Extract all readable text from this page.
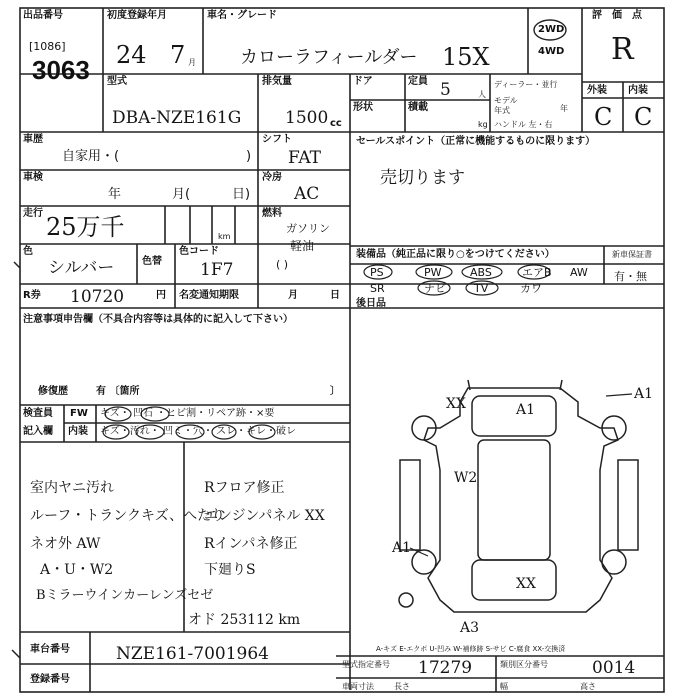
出品番号
[1086]
3063
初度登録年月
24 7 月
車名・グレード
カローラフィールダー 15X
2WD
4WD
評価点
R
型式
DBA-NZE161G
排気量
1500 cc
ドア	定員 5	人
形状	積載
kg
ディーラー・並行
モデル年式	年
ハンドル 左・右
外装 内装
C C
車歴
自家用・(	)
シフト
FAT
セールスポイント（正常に機能するものに限ります）
売切ります
車検
年	月(	日)
冷房
AC
走行 25万千	km
燃料
ガソリン
軽油
( )
色
シルバー	色替
色コード
1F7
装備品（純正品に限り○をつけてください）	新車保証書
有・無
PS	PW	ABS	エアB AW
SR	ナビ	TV	カワ
R券 10720	円 名変通知期限	月	日
後日品
注意事項申告欄（不具合内容等は具体的に記入して下さい）
修復歴	有 〔箇所	〕
検査員
記入欄
FW キズ・ 凹石 ・ヒビ割・リペア跡・×要
内装 キズ・汚れ・ 凹ミ・穴・ スレ・キレ・破レ
室内ヤニ汚れ
ルーフ・トランクキズ、へたり
ネオ外 AW
A・U・W2
Bミラーウインカーレンズセゼ
Rフロア修正
エンジンパネル XX
Rインパネ修正
下廻りS
オド 253112 km
XX	A1
A1
W2
A1
XX
A3
A-キズ E-エクボ U-凹み W-補修跡 S-サビ C-腐食 XX-交換済
車台番号	NZE161-7001964
登録番号
型式指定番号 17279	類別区分番号	0014
車両寸法	長さ	幅	高さ
